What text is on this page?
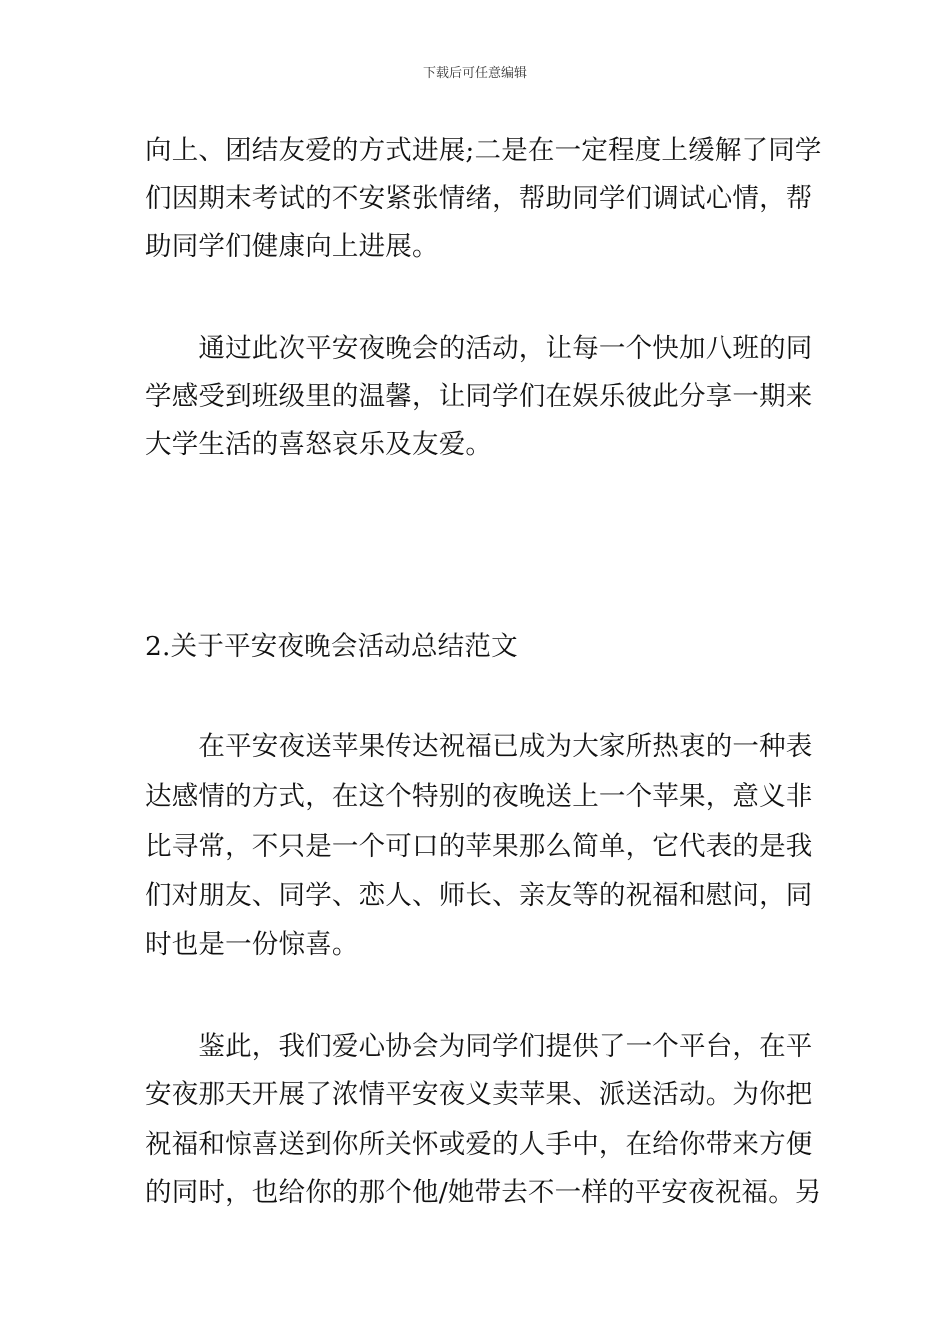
下载后可任意编辑
向上、团结友爱的方式进展;二是在一定程度上缓解了同学
们因期末考试的不安紧张情绪，帮助同学们调试心情，帮
助同学们健康向上进展。
　　通过此次平安夜晚会的活动，让每一个快加八班的同
学感受到班级里的温馨，让同学们在娱乐彼此分享一期来
大学生活的喜怒哀乐及友爱。
2.关于平安夜晚会活动总结范文
　　在平安夜送苹果传达祝福已成为大家所热衷的一种表
达感情的方式，在这个特别的夜晚送上一个苹果，意义非
比寻常，不只是一个可口的苹果那么简单，它代表的是我
们对朋友、同学、恋人、师长、亲友等的祝福和慰问，同
时也是一份惊喜。
　　鉴此，我们爱心协会为同学们提供了一个平台，在平
安夜那天开展了浓情平安夜义卖苹果、派送活动。为你把
祝福和惊喜送到你所关怀或爱的人手中，在给你带来方便
的同时，也给你的那个他/她带去不一样的平安夜祝福。另
